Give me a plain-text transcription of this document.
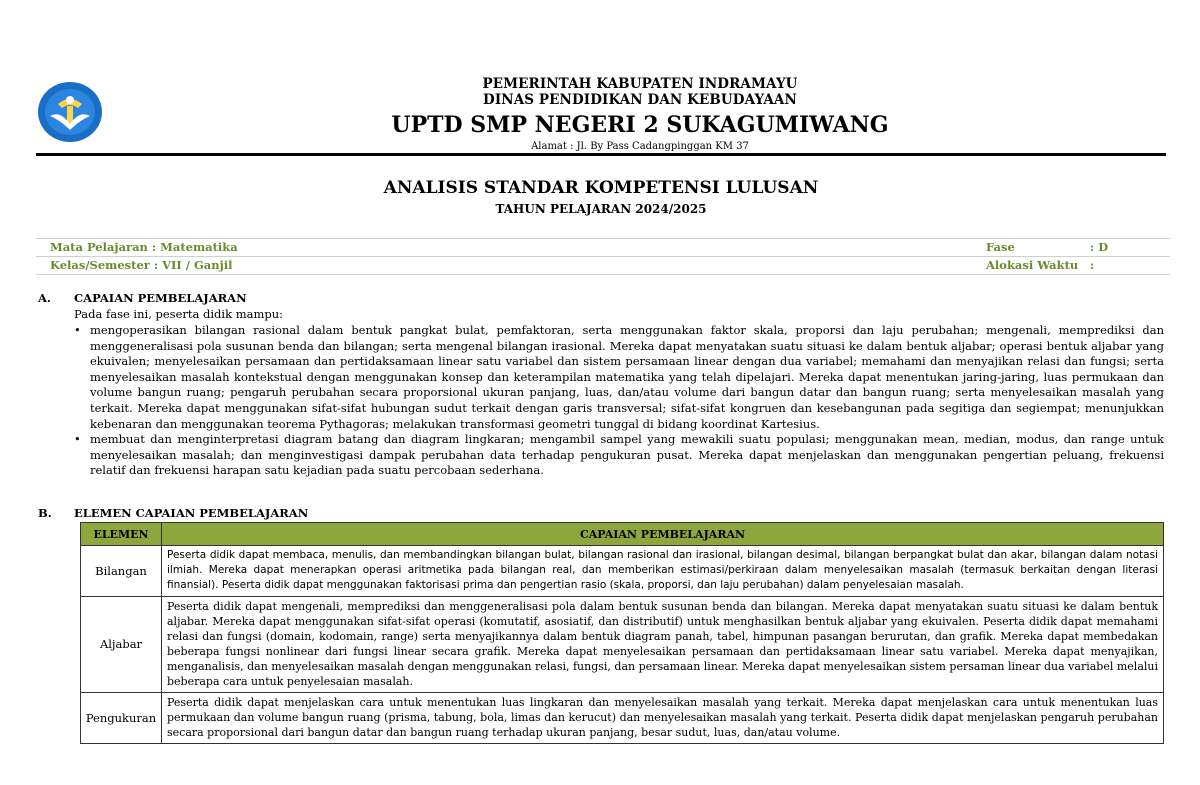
PEMERINTAH KABUPATEN INDRAMAYU
DINAS PENDIDIKAN DAN KEBUDAYAAN
UPTD SMP NEGERI 2 SUKAGUMIWANG
Alamat : Jl. By Pass Cadangpinggan KM 37
ANALISIS STANDAR KOMPETENSI LULUSAN
TAHUN PELAJARAN 2024/2025
Mata Pelajaran : Matematika	Fase	: D
Kelas/Semester : VII / Ganjil	Alokasi Waktu :
A. CAPAIAN PEMBELAJARAN
Pada fase ini, peserta didik mampu:

• mengoperasikan bilangan rasional dalam bentuk pangkat bulat, pemfaktoran, serta menggunakan faktor skala, proporsi dan laju perubahan; mengenali, memprediksi dan menggeneralisasi pola susunan benda dan bilangan; serta mengenal bilangan irasional. Mereka dapat menyatakan suatu situasi ke dalam bentuk aljabar; operasi bentuk aljabar yang ekuivalen; menyelesaikan persamaan dan pertidaksamaan linear satu variabel dan sistem persamaan linear dengan dua variabel; memahami dan menyajikan relasi dan fungsi; serta menyelesaikan masalah kontekstual dengan menggunakan konsep dan keterampilan matematika yang telah dipelajari. Mereka dapat menentukan jaring-jaring, luas permukaan dan volume bangun ruang; pengaruh perubahan secara proporsional ukuran panjang, luas, dan/atau volume dari bangun datar dan bangun ruang; serta menyelesaikan masalah yang terkait. Mereka dapat menggunakan sifat-sifat hubungan sudut terkait dengan garis transversal; sifat-sifat kongruen dan kesebangunan pada segitiga dan segiempat; menunjukkan kebenaran dan menggunakan teorema Pythagoras; melakukan transformasi geometri tunggal di bidang koordinat Kartesius.

• membuat dan menginterpretasi diagram batang dan diagram lingkaran; mengambil sampel yang mewakili suatu populasi; menggunakan mean, median, modus, dan range untuk menyelesaikan masalah; dan menginvestigasi dampak perubahan data terhadap pengukuran pusat. Mereka dapat menjelaskan dan menggunakan pengertian peluang, frekuensi relatif dan frekuensi harapan satu kejadian pada suatu percobaan sederhana.

B. ELEMEN CAPAIAN PEMBELAJARAN
ELEMEN	CAPAIAN PEMBELAJARAN
Bilangan	Peserta didik dapat membaca, menulis, dan membandingkan bilangan bulat, bilangan rasional dan irasional, bilangan desimal, bilangan berpangkat bulat dan akar, bilangan dalam notasi ilmiah. Mereka dapat menerapkan operasi aritmetika pada bilangan real, dan memberikan estimasi/perkiraan dalam menyelesaikan masalah (termasuk berkaitan dengan literasi finansial). Peserta didik dapat menggunakan faktorisasi prima dan pengertian rasio (skala, proporsi, dan laju perubahan) dalam penyelesaian masalah.
Aljabar	Peserta didik dapat mengenali, memprediksi dan menggeneralisasi pola dalam bentuk susunan benda dan bilangan. Mereka dapat menyatakan suatu situasi ke dalam bentuk aljabar. Mereka dapat menggunakan sifat-sifat operasi (komutatif, asosiatif, dan distributif) untuk menghasilkan bentuk aljabar yang ekuivalen. Peserta didik dapat memahami relasi dan fungsi (domain, kodomain, range) serta menyajikannya dalam bentuk diagram panah, tabel, himpunan pasangan berurutan, dan grafik. Mereka dapat membedakan beberapa fungsi nonlinear dari fungsi linear secara grafik. Mereka dapat menyelesaikan persamaan dan pertidaksamaan linear satu variabel. Mereka dapat menyajikan, menganalisis, dan menyelesaikan masalah dengan menggunakan relasi, fungsi, dan persamaan linear. Mereka dapat menyelesaikan sistem persaman linear dua variabel melalui beberapa cara untuk penyelesaian masalah.
Pengukuran	Peserta didik dapat menjelaskan cara untuk menentukan luas lingkaran dan menyelesaikan masalah yang terkait. Mereka dapat menjelaskan cara untuk menentukan luas permukaan dan volume bangun ruang (prisma, tabung, bola, limas dan kerucut) dan menyelesaikan masalah yang terkait. Peserta didik dapat menjelaskan pengaruh perubahan secara proporsional dari bangun datar dan bangun ruang terhadap ukuran panjang, besar sudut, luas, dan/atau volume.
